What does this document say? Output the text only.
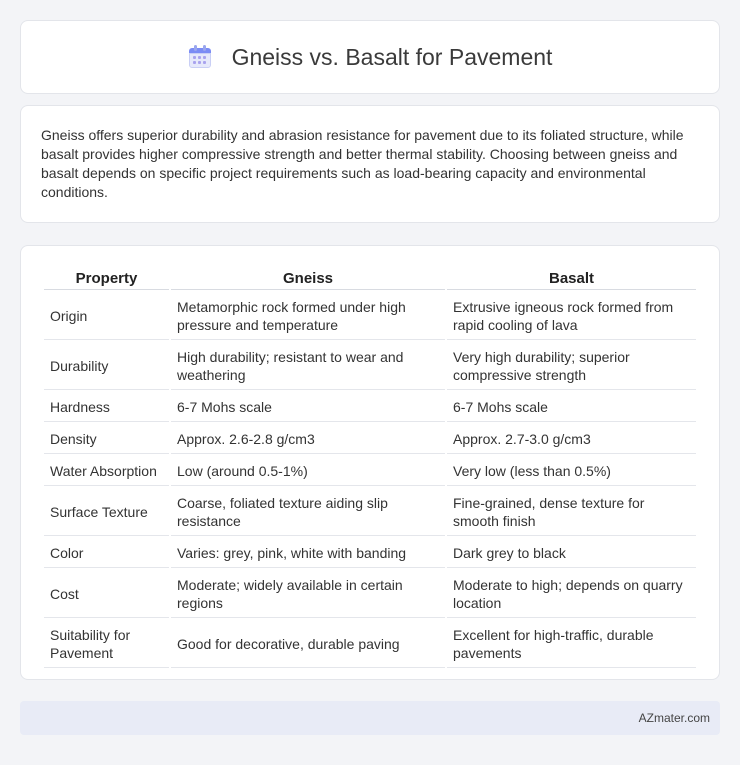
Gneiss vs. Basalt for Pavement

Gneiss offers superior durability and abrasion resistance for pavement due to its foliated structure, while basalt provides higher compressive strength and better thermal stability. Choosing between gneiss and basalt depends on specific project requirements such as load-bearing capacity and environmental conditions.

Property	Gneiss	Basalt
Origin	Metamorphic rock formed under high pressure and temperature	Extrusive igneous rock formed from rapid cooling of lava
Durability	High durability; resistant to wear and weathering	Very high durability; superior compressive strength
Hardness	6-7 Mohs scale	6-7 Mohs scale
Density	Approx. 2.6-2.8 g/cm3	Approx. 2.7-3.0 g/cm3
Water Absorption	Low (around 0.5-1%)	Very low (less than 0.5%)
Surface Texture	Coarse, foliated texture aiding slip resistance	Fine-grained, dense texture for smooth finish
Color	Varies: grey, pink, white with banding	Dark grey to black
Cost	Moderate; widely available in certain regions	Moderate to high; depends on quarry location
Suitability for Pavement	Good for decorative, durable paving	Excellent for high-traffic, durable pavements
AZmater.com
